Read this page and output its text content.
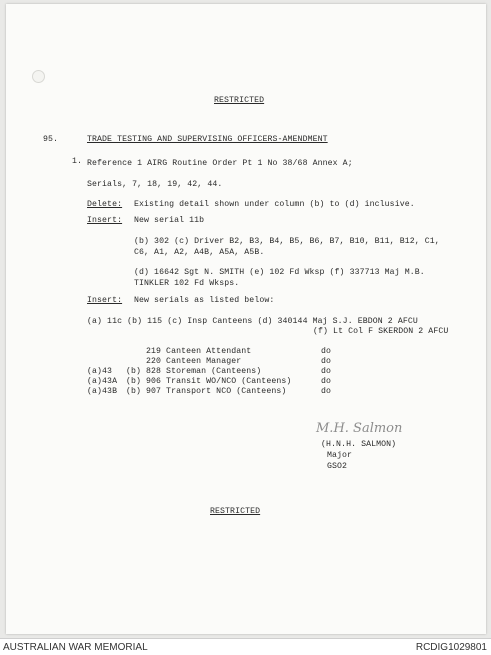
RESTRICTED
95.	TRADE TESTING AND SUPERVISING OFFICERS-AMENDMENT
1. Reference 1 AIRG Routine Order Pt 1 No 38/68 Annex A;
Serials, 7, 18, 19, 42, 44.
Delete: Existing detail shown under column (b) to (d) inclusive.
Insert: New serial 11b
(b) 302 (c) Driver B2, B3, B4, B5, B6, B7, B10, B11, B12, C1,
C6, A1, A2, A4B, A5A, A5B.
(d) 16642 Sgt N. SMITH (e) 102 Fd Wksp (f) 337713 Maj M.B.
TINKLER 102 Fd Wksps.
Insert: New serials as listed below:
(a) 11c (b) 115 (c) Insp Canteens (d) 340144 Maj S.J. EBDON 2 AFCU
(f) Lt Col F SKERDON 2 AFCU
219 Canteen Attendant	do
220 Canteen Manager	do
(a)43 (b) 828 Storeman (Canteens)	do
(a)43A (b) 906 Transit WO/NCO (Canteens)	do
(a)43B (b) 907 Transport NCO (Canteens)	do
M.H. Salmon
(H.N.H. SALMON)
Major
GSO2
RESTRICTED
AUSTRALIAN WAR MEMORIAL	RCDIG1029801
